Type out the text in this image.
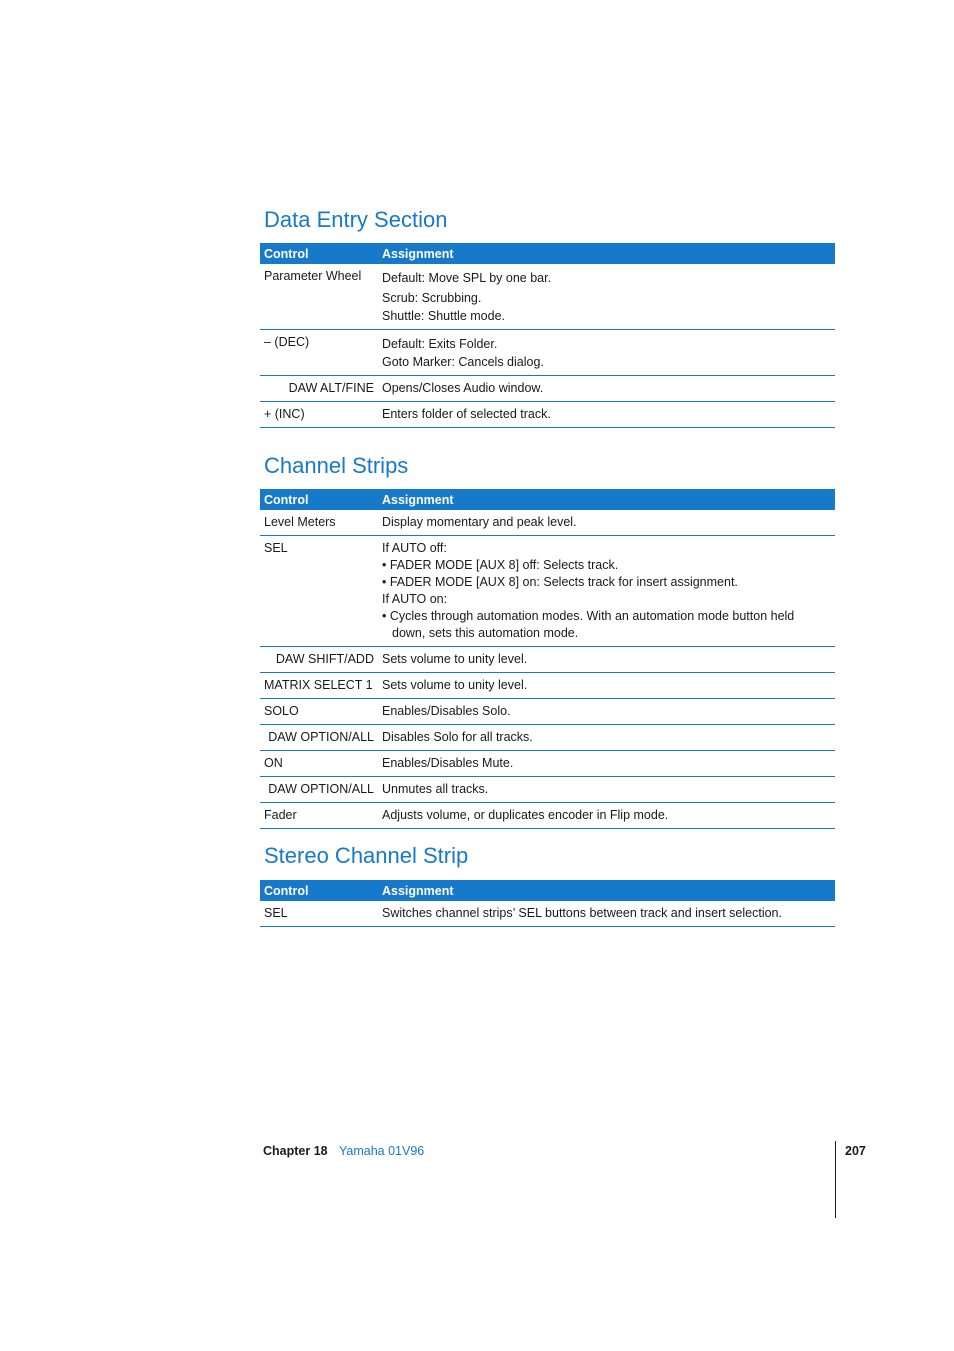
Data Entry Section
Control	Assignment
Parameter Wheel	Default: Move SPL by one bar.
Scrub: Scrubbing.
Shuttle: Shuttle mode.

– (DEC)	Default: Exits Folder.
Goto Marker: Cancels dialog.

DAW ALT/FINE	Opens/Closes Audio window.
+ (INC)	Enters folder of selected track.
Channel Strips
Control	Assignment
Level Meters	Display momentary and peak level.
SEL	If AUTO off:
• FADER MODE [AUX 8] off: Selects track.
• FADER MODE [AUX 8] on: Selects track for insert assignment.
If AUTO on:
• Cycles through automation modes. With an automation mode button held down, sets this automation mode.

DAW SHIFT/ADD	Sets volume to unity level.
MATRIX SELECT 1	Sets volume to unity level.
SOLO	Enables/Disables Solo.
DAW OPTION/ALL	Disables Solo for all tracks.
ON	Enables/Disables Mute.
DAW OPTION/ALL	Unmutes all tracks.
Fader	Adjusts volume, or duplicates encoder in Flip mode.
Stereo Channel Strip
Control	Assignment
SEL	Switches channel strips’ SEL buttons between track and insert selection.
Chapter 18 Yamaha 01V96	207
